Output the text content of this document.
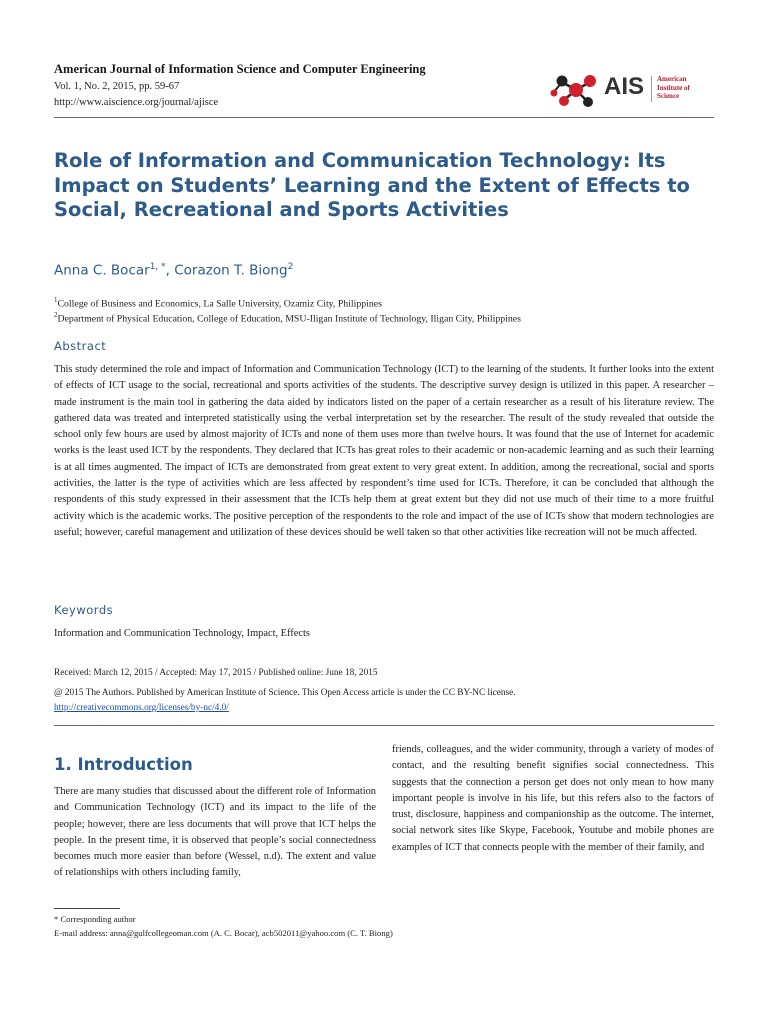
American Journal of Information Science and Computer Engineering
Vol. 1, No. 2, 2015, pp. 59-67
http://www.aiscience.org/journal/ajisce
AIS American
Institute of
Science
Role of Information and Communication Technology: Its Impact on Students’ Learning and the Extent of Effects to Social, Recreational and Sports Activities
Anna C. Bocar$^{1, *}$, Corazon T. Biong$^2$
$^1$College of Business and Economics, La Salle University, Ozamiz City, Philippines
$^2$Department of Physical Education, College of Education, MSU-Iligan Institute of Technology, Iligan City, Philippines
Abstract

This study determined the role and impact of Information and Communication Technology (ICT) to the learning of the students. It further looks into the extent of effects of ICT usage to the social, recreational and sports activities of the students. The descriptive survey design is utilized in this paper. A researcher – made instrument is the main tool in gathering the data aided by indicators listed on the paper of a certain researcher as a result of his literature review. The gathered data was treated and interpreted statistically using the verbal interpretation set by the researcher. The result of the study revealed that outside the school only few hours are used by almost majority of ICTs and none of them uses more than twelve hours. It was found that the use of Internet for academic works is the least used ICT by the respondents. They declared that ICTs has great roles to their academic or non-academic learning and as such their learning is at all times augmented. The impact of ICTs are demonstrated from great extent to very great extent. In addition, among the recreational, social and sports activities, the latter is the type of activities which are less affected by respondent’s time used for ICTs. Therefore, it can be concluded that although the respondents of this study expressed in their assessment that the ICTs help them at great extent but they did not use much of their time to a more fruitful activity which is the academic works. The positive perception of the respondents to the role and impact of the use of ICTs show that modern technologies are useful; however, careful management and utilization of these devices should be well taken so that other activities like recreation will not be much affected.

Keywords
Information and Communication Technology, Impact, Effects
Received: March 12, 2015 / Accepted: May 17, 2015 / Published online: June 18, 2015
@ 2015 The Authors. Published by American Institute of Science. This Open Access article is under the CC BY-NC license.
http://creativecommons.org/licenses/by-nc/4.0/
1. Introduction

There are many studies that discussed about the different role of Information and Communication Technology (ICT) and its impact to the life of the people; however, there are less documents that will prove that ICT helps the people. In the present time, it is observed that people’s social connectedness becomes much more easier than before (Wessel, n.d). The extent and value of relationships with others including family,

friends, colleagues, and the wider community, through a variety of modes of contact, and the resulting benefit signifies social connectedness. This suggests that the connection a person get does not only mean to how many important people is involve in his life, but this refers also to the factors of trust, disclosure, happiness and companionship as the outcome. The internet, social network sites like Skype, Facebook, Youtube and mobile phones are examples of ICT that connects people with the member of their family, and

* Corresponding author
E-mail address: anna@gulfcollegeoman.com (A. C. Bocar), acb502011@yahoo.com (C. T. Biong)
